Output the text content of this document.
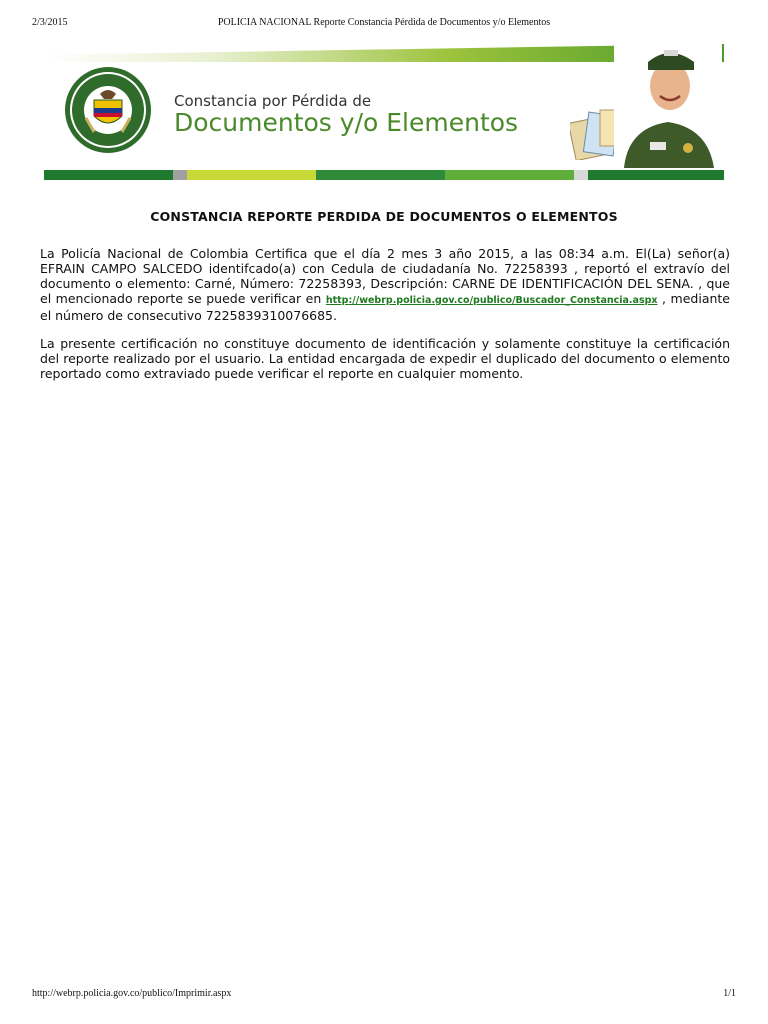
2/3/2015	POLICIA NACIONAL Reporte Constancia Pérdida de Documentos y/o Elementos
Constancia por Pérdida de
Documentos y/o Elementos
CONSTANCIA REPORTE PERDIDA DE DOCUMENTOS O ELEMENTOS
La Policía Nacional de Colombia Certifica que el día 2 mes 3 año 2015, a las 08:34 a.m. El(La) señor(a) EFRAIN CAMPO SALCEDO identifcado(a) con Cedula de ciudadanía No. 72258393 , reportó el extravío del documento o elemento: Carné, Número: 72258393, Descripción: CARNE DE IDENTIFICACIÓN DEL SENA. , que el mencionado reporte se puede verificar en http://webrp.policia.gov.co/publico/Buscador_Constancia.aspx , mediante el número de consecutivo 7225839310076685.
La presente certificación no constituye documento de identificación y solamente constituye la certificación del reporte realizado por el usuario. La entidad encargada de expedir el duplicado del documento o elemento reportado como extraviado puede verificar el reporte en cualquier momento.
http://webrp.policia.gov.co/publico/Imprimir.aspx	1/1
